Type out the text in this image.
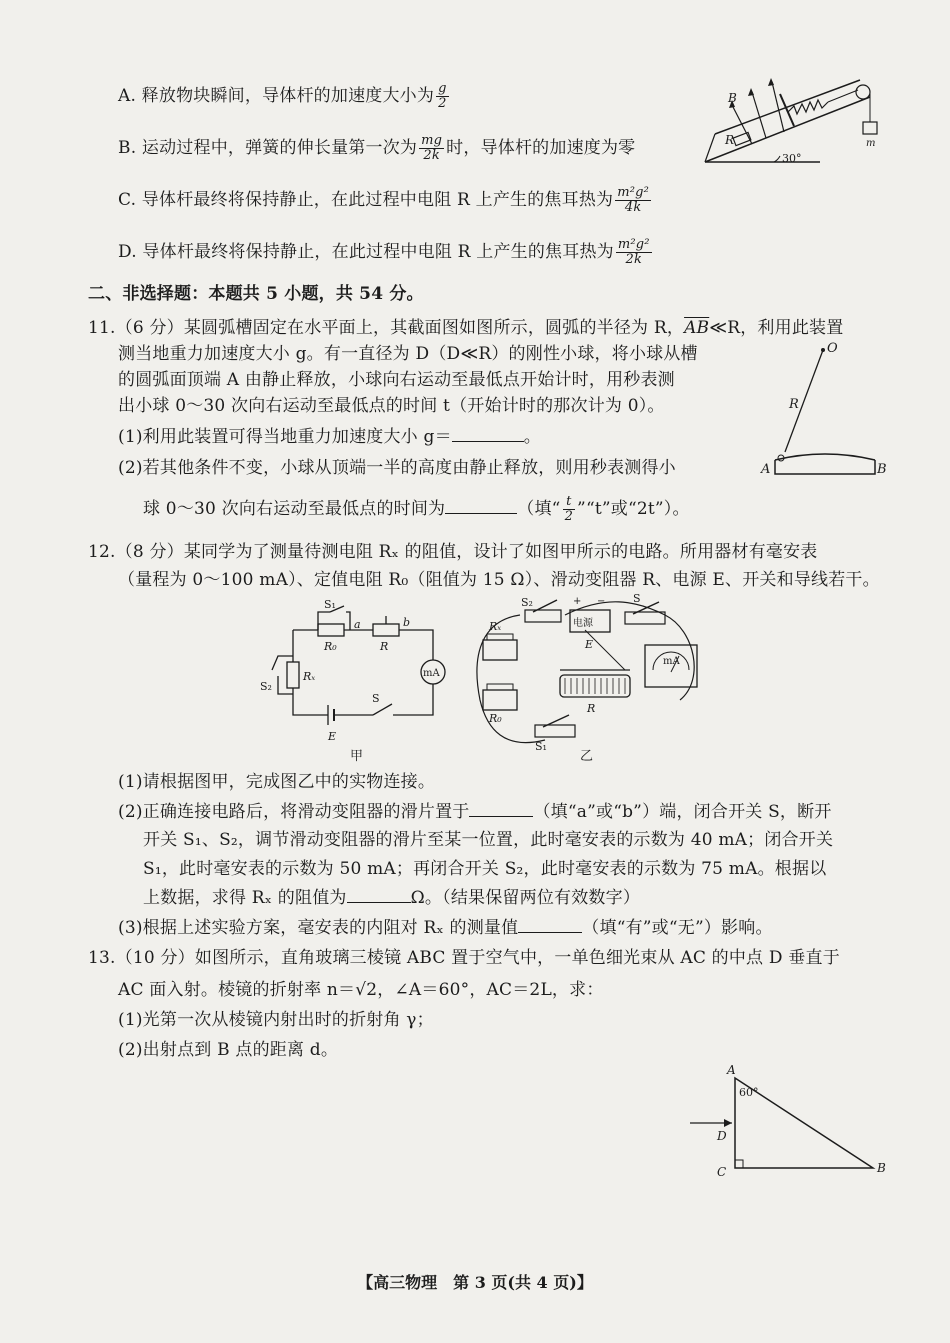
A. 释放物块瞬间，导体杆的加速度大小为 $\frac{g}{2}$
B. 运动过程中，弹簧的伸长量第一次为 $\frac{mg}{2k}$ 时，导体杆的加速度为零
C. 导体杆最终将保持静止，在此过程中电阻 R 上产生的焦耳热为 $\frac{\text{m²g²}}{4k}$
D. 导体杆最终将保持静止，在此过程中电阻 R 上产生的焦耳热为 $\frac{\text{m²g²}}{2k}$
B
R
30°
m
二、非选择题：本题共 5 小题，共 54 分。
11.（6 分）某圆弧槽固定在水平面上，其截面图如图所示，圆弧的半径为 R，$\overline{AB}≪R$，利用此装置
测当地重力加速度大小 g。有一直径为 D（D≪R）的刚性小球，将小球从槽
的圆弧面顶端 A 由静止释放，小球向右运动至最低点开始计时，用秒表测
出小球 0～30 次向右运动至最低点的时间 t（开始计时的那次计为 0）。
(1)利用此装置可得当地重力加速度大小 g＝	。
(2)若其他条件不变，小球从顶端一半的高度由静止释放，则用秒表测得小
球 0～30 次向右运动至最低点的时间为	（填“ $\frac{t}{2}$ ”“t”或“2t”）。
O
R
A	B
12.（8 分）某同学为了测量待测电阻 Rₓ 的阻值，设计了如图甲所示的电路。所用器材有毫安表
（量程为 0～100 mA）、定值电阻 R₀（阻值为 15 Ω）、滑动变阻器 R、电源 E、开关和导线若干。
S₁
a	b
R₀	R
mA
S₂
Rₓ
S
E
甲
电源
+ −
S₂
Rₓ
E
S
R₀
R
mA
S₁
乙
(1)请根据图甲，完成图乙中的实物连接。
(2)正确连接电路后，将滑动变阻器的滑片置于	（填“a”或“b”）端，闭合开关 S，断开
开关 S₁、S₂，调节滑动变阻器的滑片至某一位置，此时毫安表的示数为 40 mA；闭合开关
S₁，此时毫安表的示数为 50 mA；再闭合开关 S₂，此时毫安表的示数为 75 mA。根据以
上数据，求得 Rₓ 的阻值为	Ω。（结果保留两位有效数字）
(3)根据上述实验方案，毫安表的内阻对 Rₓ 的测量值	（填“有”或“无”）影响。
13.（10 分）如图所示，直角玻璃三棱镜 ABC 置于空气中，一单色细光束从 AC 的中点 D 垂直于
AC 面入射。棱镜的折射率 n＝√2，∠A＝60°，AC＝2L，求：
(1)光第一次从棱镜内射出时的折射角 γ；
(2)出射点到 B 点的距离 d。
A
60°
D
C	B
【高三物理　第 3 页(共 4 页)】
